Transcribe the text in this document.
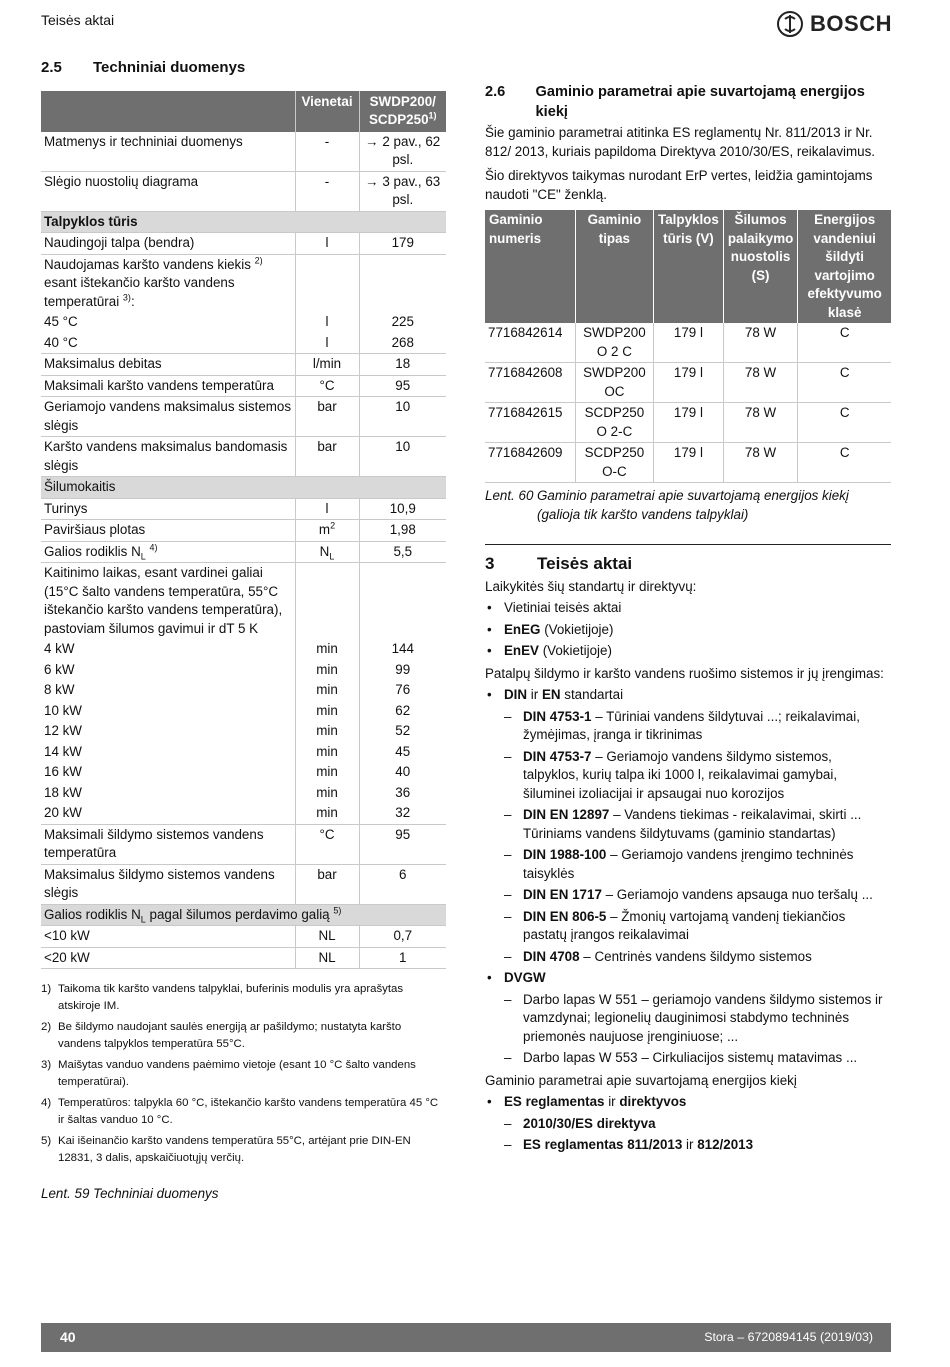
Teisės aktai	BOSCH
2.5	Techniniai duomenys
	Vienetai	SWDP200/ SCDP250$^{1)}$
Matmenys ir techniniai duomenys	-	→ 2 pav., 62 psl.
Slėgio nuostolių diagrama	-	→ 3 pav., 63 psl.
Talpyklos tūris		
Naudingoji talpa (bendra)	l	179
Naudojamas karšto vandens kiekis $^{2)}$ esant ištekančio karšto vandens temperatūrai $^{3)}$:		
45 °C	l	225
40 °C	l	268
Maksimalus debitas	l/min	18
Maksimali karšto vandens temperatūra	°C	95
Geriamojo vandens maksimalus sistemos slėgis	bar	10
Karšto vandens maksimalus bandomasis slėgis	bar	10
Šilumokaitis		
Turinys	l	10,9
Paviršiaus plotas	$m^2$	1,98
Galios rodiklis $N_L$ $^{4)}$	$N_L$	5,5
Kaitinimo laikas, esant vardinei galiai (15°C šalto vandens temperatūra, 55°C ištekančio karšto vandens temperatūra), pastoviam šilumos gavimui ir dT 5 K		
4 kW	min	144
6 kW	min	99
8 kW	min	76
10 kW	min	62
12 kW	min	52
14 kW	min	45
16 kW	min	40
18 kW	min	36
20 kW	min	32
Maksimali šildymo sistemos vandens temperatūra	°C	95
Maksimalus šildymo sistemos vandens slėgis	bar	6
Galios rodiklis $N_L$ pagal šilumos perdavimo galią $^{5)}$
<10 kW	NL	0,7
<20 kW	NL	1
1) Taikoma tik karšto vandens talpyklai, buferinis modulis yra aprašytas atskiroje IM.
2) Be šildymo naudojant saulės energiją ar pašildymo; nustatyta karšto vandens talpyklos temperatūra 55°C.
3) Maišytas vanduo vandens paėmimo vietoje (esant 10 °C šalto vandens temperatūrai).
4) Temperatūros: talpykla 60 °C, ištekančio karšto vandens temperatūra 45 °C ir šaltas vanduo 10 °C.
5) Kai išeinančio karšto vandens temperatūra 55°C, artėjant prie DIN-EN 12831, 3 dalis, apskaičiuotųjų verčių.
Lent. 59 Techniniai duomenys
2.6	Gaminio parametrai apie suvartojamą energijos kiekį

Šie gaminio parametrai atitinka ES reglamentų Nr. 811/2013 ir Nr. 812/ 2013, kuriais papildoma Direktyva 2010/30/ES, reikalavimus.

Šio direktyvos taikymas nurodant ErP vertes, leidžia gamintojams naudoti "CE" ženklą.

Gaminio numeris	Gaminio tipas	Talpyklos tūris (V)	Šilumos palaikymo nuostolis (S)	Energijos vandeniui šildyti vartojimo efektyvumo klasė
7716842614	SWDP200 O 2 C	179 l	78 W	C
7716842608	SWDP200 OC	179 l	78 W	C
7716842615	SCDP250 O 2-C	179 l	78 W	C
7716842609	SCDP250 O-C	179 l	78 W	C
Lent. 60 Gaminio parametrai apie suvartojamą energijos kiekį (galioja tik karšto vandens talpyklai)
3	Teisės aktai

Laikykitės šių standartų ir direktyvų:

• Vietiniai teisės aktai
• EnEG (Vokietijoje)
• EnEV (Vokietijoje)

Patalpų šildymo ir karšto vandens ruošimo sistemos ir jų įrengimas:

• DIN ir EN standartai
– DIN 4753-1 – Tūriniai vandens šildytuvai ...; reikalavimai, žymėjimas, įranga ir tikrinimas
– DIN 4753-7 – Geriamojo vandens šildymo sistemos, talpyklos, kurių talpa iki 1000 l, reikalavimai gamybai, šiluminei izoliacijai ir apsaugai nuo korozijos
– DIN EN 12897 – Vandens tiekimas - reikalavimai, skirti ... Tūriniams vandens šildytuvams (gaminio standartas)
– DIN 1988-100 – Geriamojo vandens įrengimo techninės taisyklės
– DIN EN 1717 – Geriamojo vandens apsauga nuo teršalų ...
– DIN EN 806-5 – Žmonių vartojamą vandenį tiekiančios pastatų įrangos reikalavimai
– DIN 4708 – Centrinės vandens šildymo sistemos
• DVGW
– Darbo lapas W 551 – geriamojo vandens šildymo sistemos ir vamzdynai; legionelių dauginimosi stabdymo techninės priemonės naujuose įrenginiuose; ...
– Darbo lapas W 553 – Cirkuliacijos sistemų matavimas ...

Gaminio parametrai apie suvartojamą energijos kiekį

• ES reglamentas ir direktyvos
– 2010/30/ES direktyva
– ES reglamentas 811/2013 ir 812/2013
40	Stora – 6720894145 (2019/03)
